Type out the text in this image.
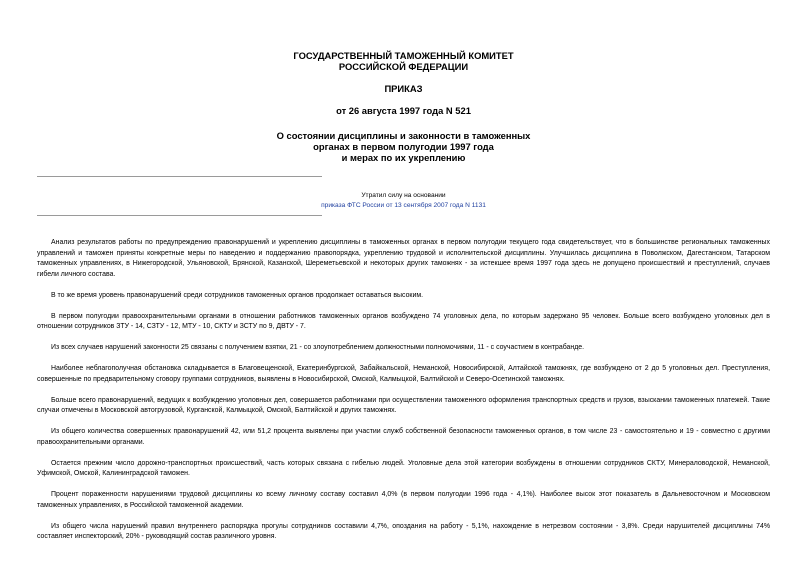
ГОСУДАРСТВЕННЫЙ ТАМОЖЕННЫЙ КОМИТЕТ
РОССИЙСКОЙ ФЕДЕРАЦИИ
ПРИКАЗ
от 26 августа 1997 года N 521
О состоянии дисциплины и законности в таможенных
органах в первом полугодии 1997 года
и мерах по их укреплению
Утратил силу на основании
приказа ФТС России от 13 сентября 2007 года N 1131

Анализ результатов работы по предупреждению правонарушений и укреплению дисциплины в таможенных органах в первом полугодии текущего года свидетельствует, что в большинстве региональных таможенных управлений и таможен приняты конкретные меры по наведению и поддержанию правопорядка, укреплению трудовой и исполнительской дисциплины. Улучшилась дисциплина в Поволжском, Дагестанском, Татарском таможенных управлениях, в Нижегородской, Ульяновской, Брянской, Казанской, Шереметьевской и некоторых других таможнях - за истекшее время 1997 года здесь не допущено происшествий и преступлений, случаев гибели личного состава.

В то же время уровень правонарушений среди сотрудников таможенных органов продолжает оставаться высоким.

В первом полугодии правоохранительными органами в отношении работников таможенных органов возбуждено 74 уголовных дела, по которым задержано 95 человек. Больше всего возбуждено уголовных дел в отношении сотрудников ЗТУ - 14, СЗТУ - 12, МТУ - 10, СКТУ и ЗСТУ по 9, ДВТУ - 7.

Из всех случаев нарушений законности 25 связаны с получением взятки, 21 - со злоупотреблением должностными полномочиями, 11 - с соучастием в контрабанде.

Наиболее неблагополучная обстановка складывается в Благовещенской, Екатеринбургской, Забайкальской, Неманской, Новосибирской, Алтайской таможнях, где возбуждено от 2 до 5 уголовных дел. Преступления, совершенные по предварительному сговору группами сотрудников, выявлены в Новосибирской, Омской, Калмыцкой, Балтийской и Северо-Осетинской таможнях.

Больше всего правонарушений, ведущих к возбуждению уголовных дел, совершается работниками при осуществлении таможенного оформления транспортных средств и грузов, взыскании таможенных платежей. Такие случаи отмечены в Московской автогрузовой, Курганской, Калмыцкой, Омской, Балтийской и других таможнях.

Из общего количества совершенных правонарушений 42, или 51,2 процента выявлены при участии служб собственной безопасности таможенных органов, в том числе 23 - самостоятельно и 19 - совместно с другими правоохранительными органами.

Остается прежним число дорожно-транспортных происшествий, часть которых связана с гибелью людей. Уголовные дела этой категории возбуждены в отношении сотрудников СКТУ, Минераловодской, Неманской, Уфимской, Омской, Калининградской таможен.

Процент пораженности нарушениями трудовой дисциплины ко всему личному составу составил 4,0% (в первом полугодии 1996 года - 4,1%). Наиболее высок этот показатель в Дальневосточном и Московском таможенных управлениях, в Российской таможенной академии.

Из общего числа нарушений правил внутреннего распорядка прогулы сотрудников составили 4,7%, опоздания на работу - 5,1%, нахождение в нетрезвом состоянии - 3,8%. Среди нарушителей дисциплины 74% составляет инспекторский, 20% - руководящий состав различного уровня.
